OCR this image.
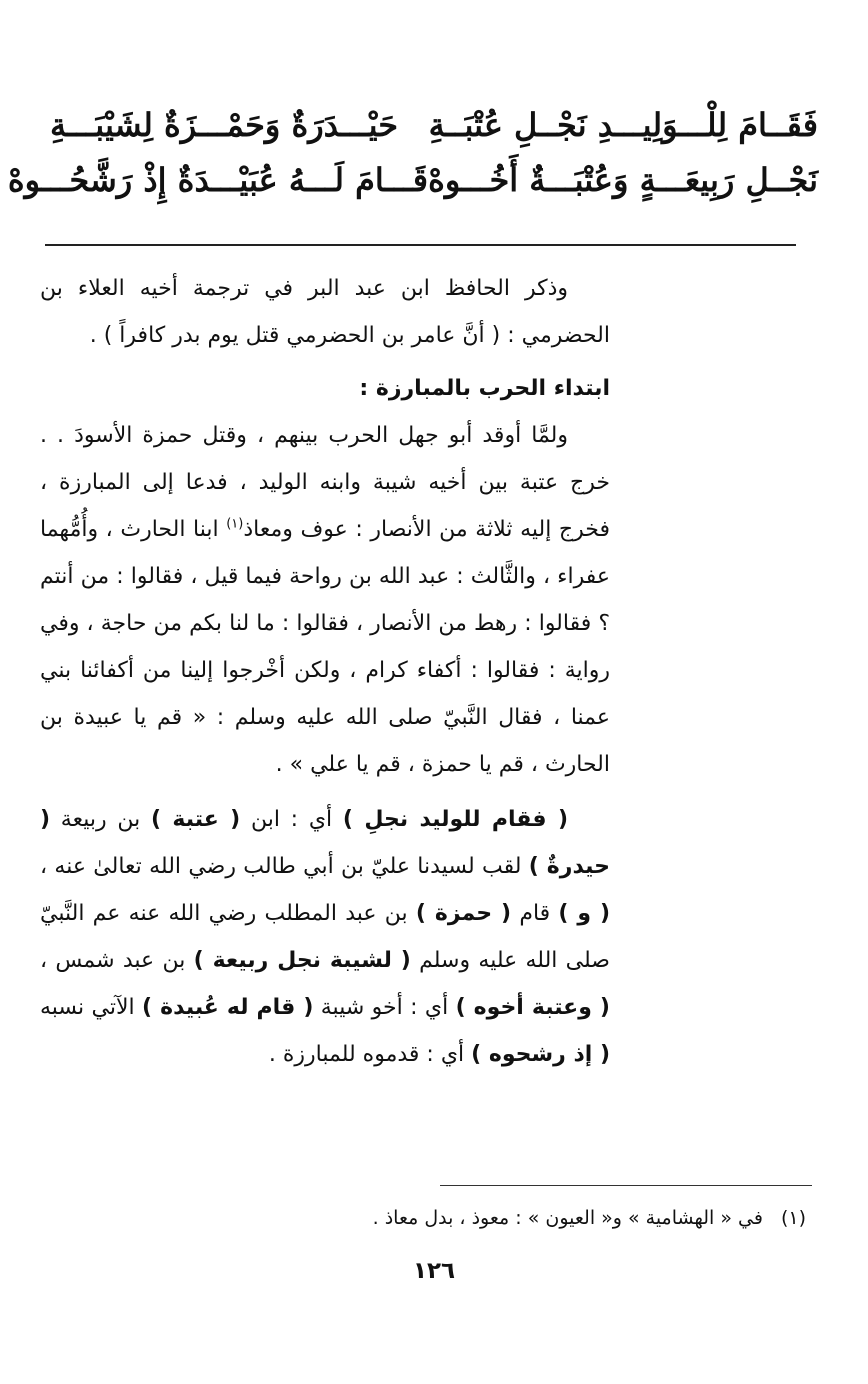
فَقَــامَ لِلْـــوَلِيـــدِ نَجْــلِ عُتْبَــةِ
حَيْـــدَرَةٌ وَحَمْـــزَةٌ لِشَيْبَـــةِ
نَجْــلِ رَبِيعَـــةٍ وَعُتْبَـــةٌ أَخُـــوهْ
قَـــامَ لَـــهُ عُبَيْـــدَةٌ إِذْ رَشَّحُـــوهْ

وذكر الحافظ ابن عبد البر في ترجمة أخيه العلاء بن الحضرمي : ( أنَّ عامر بن الحضرمي قتل يوم بدر كافراً ) .

ابتداء الحرب بالمبارزة :

ولمَّا أوقد أبو جهل الحرب بينهم ، وقتل حمزة الأسودَ . . خرج عتبة بين أخيه شيبة وابنه الوليد ، فدعا إلى المبارزة ، فخرج إليه ثلاثة من الأنصار : عوف ومعاذ$^{(١)}$ ابنا الحارث ، وأُمُّهما عفراء ، والثَّالث : عبد الله بن رواحة فيما قيل ، فقالوا : من أنتم ؟ فقالوا : رهط من الأنصار ، فقالوا : ما لنا بكم من حاجة ، وفي رواية : فقالوا : أكفاء كرام ، ولكن أخْرجوا إلينا من أكفائنا بني عمنا ، فقال النَّبيّ صلى الله عليه وسلم : « قم يا عبيدة بن الحارث ، قم يا حمزة ، قم يا علي » .

( فقام للوليد نجلِ ) أي : ابن ( عتبة ) بن ربيعة ( حيدرةٌ ) لقب لسيدنا عليّ بن أبي طالب رضي الله تعالىٰ عنه ، ( و ) قام ( حمزة ) بن عبد المطلب رضي الله عنه عم النَّبيّ صلى الله عليه وسلم ( لشيبة نجل ربيعة ) بن عبد شمس ، ( وعتبة أخوه ) أي : أخو شيبة ( قام له عُبيدة ) الآتي نسبه ( إذ رشحوه ) أي : قدموه للمبارزة .

(١)في « الهشامية » و« العيون » : معوذ ، بدل معاذ .
١٢٦
